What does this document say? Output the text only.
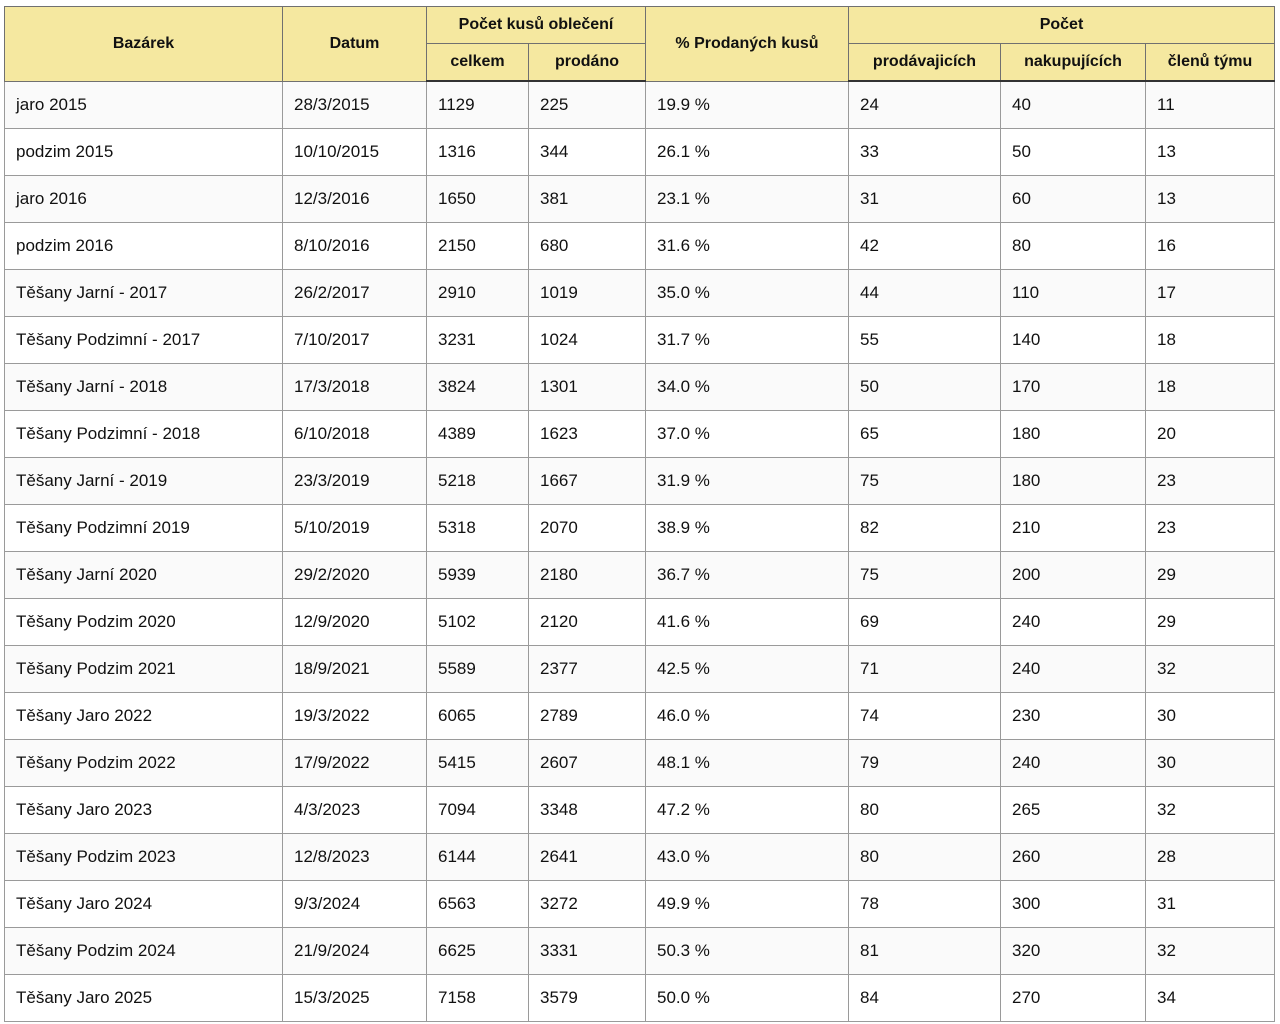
Bazárek	Datum	Počet kusů oblečení		% Prodaných kusů	Počet		
		celkem	prodáno		prodávajicích	nakupujících	členů týmu
jaro 2015	28/3/2015	1129	225	19.9 %	24	40	11
podzim 2015	10/10/2015	1316	344	26.1 %	33	50	13
jaro 2016	12/3/2016	1650	381	23.1 %	31	60	13
podzim 2016	8/10/2016	2150	680	31.6 %	42	80	16
Těšany Jarní - 2017	26/2/2017	2910	1019	35.0 %	44	110	17
Těšany Podzimní - 2017	7/10/2017	3231	1024	31.7 %	55	140	18
Těšany Jarní - 2018	17/3/2018	3824	1301	34.0 %	50	170	18
Těšany Podzimní - 2018	6/10/2018	4389	1623	37.0 %	65	180	20
Těšany Jarní - 2019	23/3/2019	5218	1667	31.9 %	75	180	23
Těšany Podzimní 2019	5/10/2019	5318	2070	38.9 %	82	210	23
Těšany Jarní 2020	29/2/2020	5939	2180	36.7 %	75	200	29
Těšany Podzim 2020	12/9/2020	5102	2120	41.6 %	69	240	29
Těšany Podzim 2021	18/9/2021	5589	2377	42.5 %	71	240	32
Těšany Jaro 2022	19/3/2022	6065	2789	46.0 %	74	230	30
Těšany Podzim 2022	17/9/2022	5415	2607	48.1 %	79	240	30
Těšany Jaro 2023	4/3/2023	7094	3348	47.2 %	80	265	32
Těšany Podzim 2023	12/8/2023	6144	2641	43.0 %	80	260	28
Těšany Jaro 2024	9/3/2024	6563	3272	49.9 %	78	300	31
Těšany Podzim 2024	21/9/2024	6625	3331	50.3 %	81	320	32
Těšany Jaro 2025	15/3/2025	7158	3579	50.0 %	84	270	34
